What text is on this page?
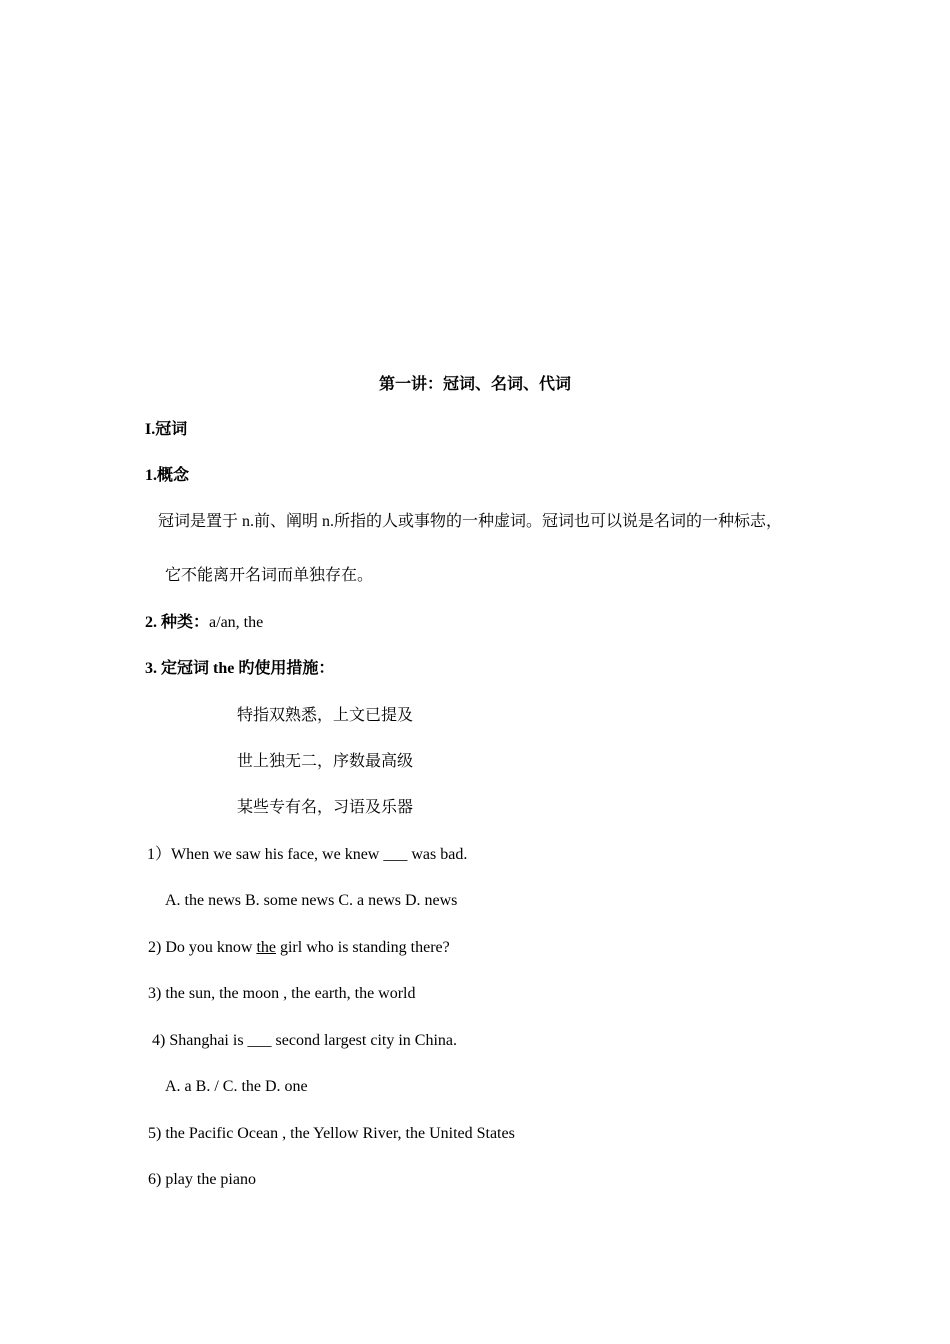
第一讲：冠词、名词、代词
I.冠词
1.概念
冠词是置于 n.前、阐明 n.所指的人或事物的一种虚词。冠词也可以说是名词的一种标志，
它不能离开名词而单独存在。
2. 种类：a/an, the
3. 定冠词 the 旳使用措施：
特指双熟悉，上文已提及
世上独无二，序数最高级
某些专有名，习语及乐器
1）When we saw his face, we knew ___ was bad.
A. the news B. some news C. a news D. news
2) Do you know the girl who is standing there?
3) the sun, the moon , the earth, the world
4) Shanghai is ___ second largest city in China.
A. a B. / C. the D. one
5) the Pacific Ocean , the Yellow River, the United States
6) play the piano
